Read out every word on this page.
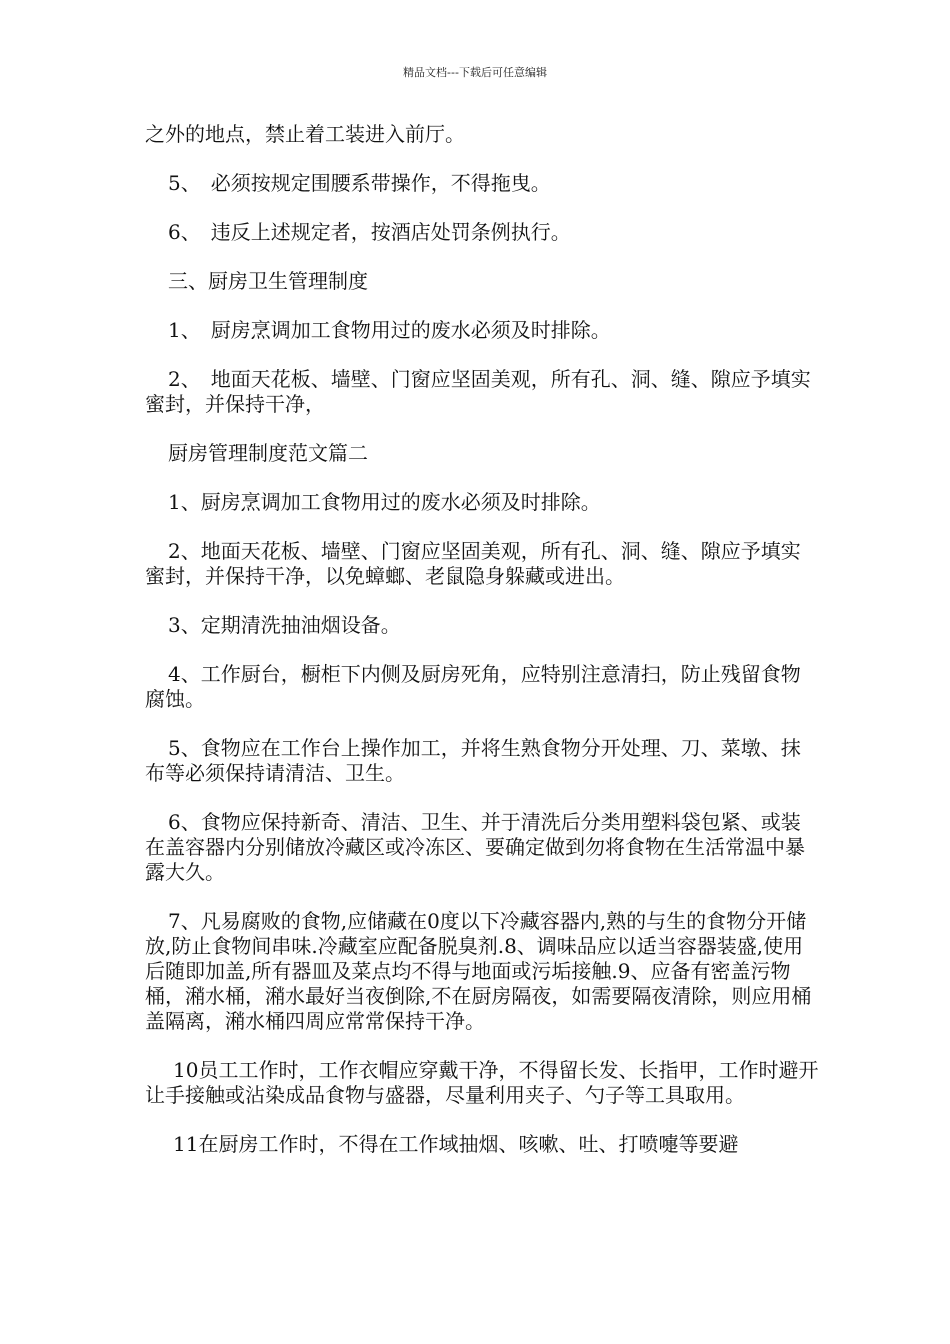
精品文档---下载后可任意编辑

之外的地点，禁止着工装进入前厅。

5、　必须按规定围腰系带操作，不得拖曳。

6、　违反上述规定者，按酒店处罚条例执行。

三、厨房卫生管理制度

1、　厨房烹调加工食物用过的废水必须及时排除。

2、　地面天花板、墙壁、门窗应坚固美观，所有孔、洞、缝、隙应予填实蜜封，并保持干净，

厨房管理制度范文篇二

1、厨房烹调加工食物用过的废水必须及时排除。

2、地面天花板、墙壁、门窗应坚固美观，所有孔、洞、缝、隙应予填实蜜封，并保持干净，以免蟑螂、老鼠隐身躲藏或进出。

3、定期清洗抽油烟设备。

4、工作厨台，橱柜下内侧及厨房死角，应特别注意清扫，防止残留食物腐蚀。

5、食物应在工作台上操作加工，并将生熟食物分开处理、刀、菜墩、抹布等必须保持请清洁、卫生。

6、食物应保持新奇、清洁、卫生、并于清洗后分类用塑料袋包紧、或装在盖容器内分别储放冷藏区或冷冻区、要确定做到勿将食物在生活常温中暴露大久。

7、凡易腐败的食物,应储藏在0度以下冷藏容器内,熟的与生的食物分开储放,防止食物间串味.冷藏室应配备脱臭剂.8、调味品应以适当容器装盛,使用后随即加盖,所有器皿及菜点均不得与地面或污垢接触.9、应备有密盖污物桶，潲水桶，潲水最好当夜倒除,不在厨房隔夜，如需要隔夜清除，则应用桶盖隔离，潲水桶四周应常常保持干净。

10员工工作时，工作衣帽应穿戴干净，不得留长发、长指甲，工作时避开让手接触或沾染成品食物与盛器，尽量利用夹子、勺子等工具取用。

11在厨房工作时，不得在工作域抽烟、咳嗽、吐、打喷嚏等要避
